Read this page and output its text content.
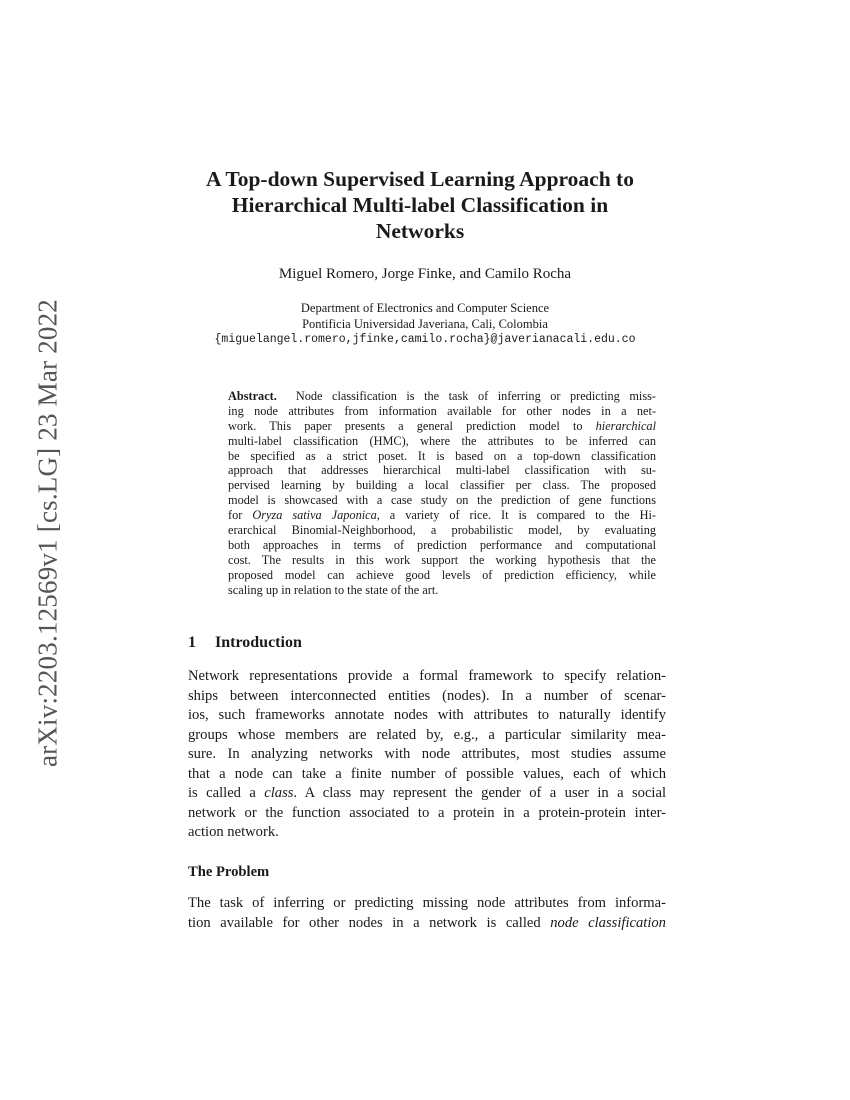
arXiv:2203.12569v1 [cs.LG] 23 Mar 2022
A Top-down Supervised Learning Approach to
Hierarchical Multi-label Classification in
Networks
Miguel Romero, Jorge Finke, and Camilo Rocha
Department of Electronics and Computer Science
Pontificia Universidad Javeriana, Cali, Colombia
{miguelangel.romero,jfinke,camilo.rocha}@javerianacali.edu.co
Abstract. Node classification is the task of inferring or predicting miss-
ing node attributes from information available for other nodes in a net-
work. This paper presents a general prediction model to hierarchical
multi-label classification (HMC), where the attributes to be inferred can
be specified as a strict poset. It is based on a top-down classification
approach that addresses hierarchical multi-label classification with su-
pervised learning by building a local classifier per class. The proposed
model is showcased with a case study on the prediction of gene functions
for Oryza sativa Japonica, a variety of rice. It is compared to the Hi-
erarchical Binomial-Neighborhood, a probabilistic model, by evaluating
both approaches in terms of prediction performance and computational
cost. The results in this work support the working hypothesis that the
proposed model can achieve good levels of prediction efficiency, while
scaling up in relation to the state of the art.
1 Introduction
Network representations provide a formal framework to specify relation-
ships between interconnected entities (nodes). In a number of scenar-
ios, such frameworks annotate nodes with attributes to naturally identify
groups whose members are related by, e.g., a particular similarity mea-
sure. In analyzing networks with node attributes, most studies assume
that a node can take a finite number of possible values, each of which
is called a class. A class may represent the gender of a user in a social
network or the function associated to a protein in a protein-protein inter-
action network.
The Problem
The task of inferring or predicting missing node attributes from informa-
tion available for other nodes in a network is called node classification
